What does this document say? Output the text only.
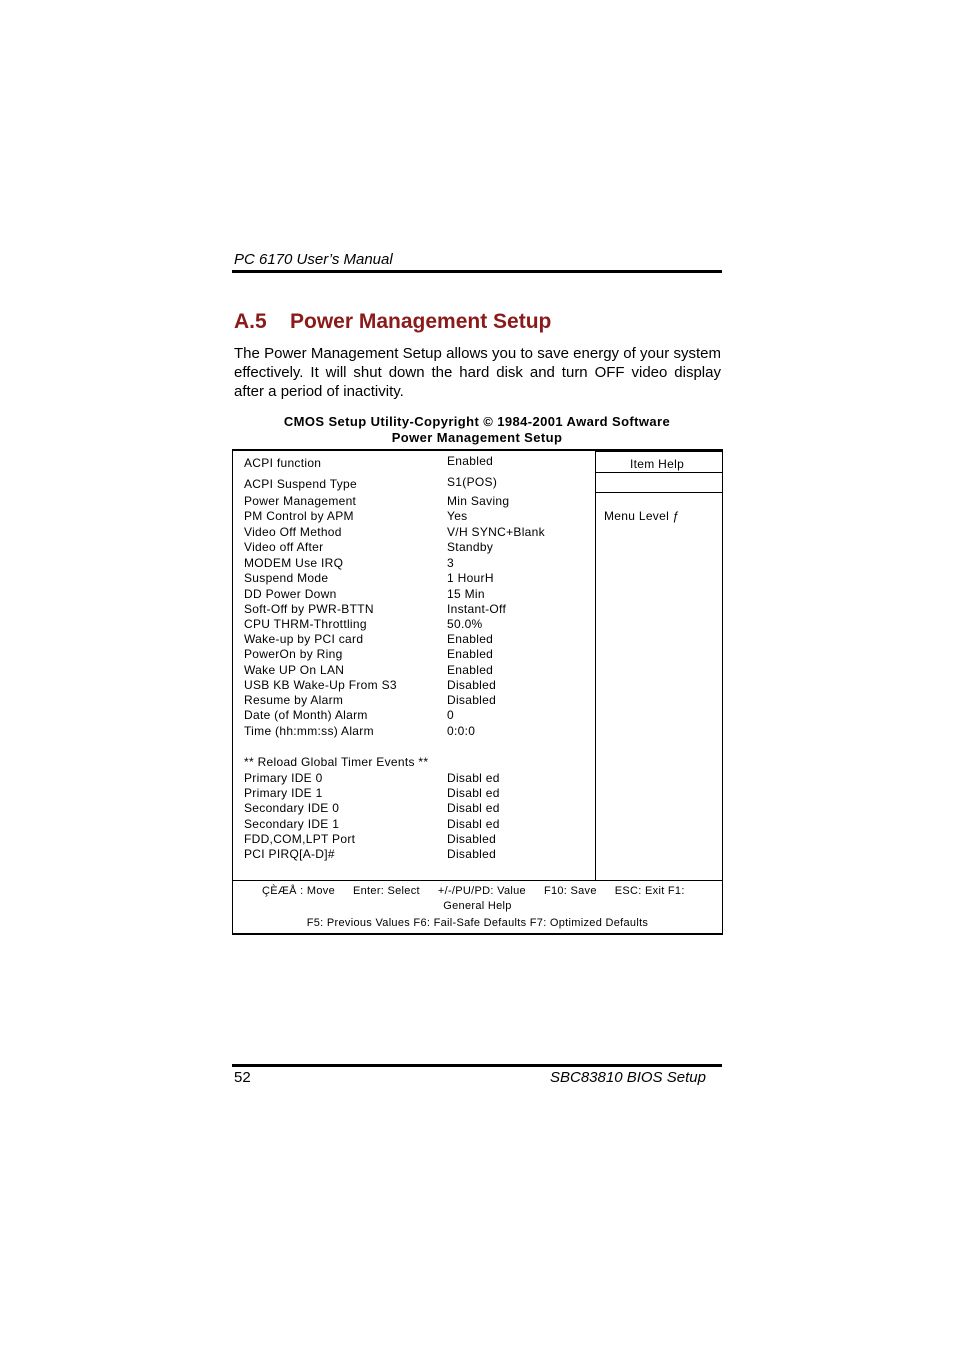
PC 6170 User’s Manual
A.5 Power Management Setup
The Power Management Setup allows you to save energy of your system effectively. It will shut down the hard disk and turn OFF video display after a period of inactivity.
CMOS Setup Utility-Copyright © 1984-2001 Award Software
Power Management Setup
ACPI function	Enabled
ACPI Suspend Type	S1(POS)
Power Management	Min Saving
PM Control by APM	Yes
Video Off Method	V/H SYNC+Blank
Video off After	Standby
MODEM Use IRQ	3
Suspend Mode	1 HourH
DD Power Down	15 Min
Soft-Off by PWR-BTTN	Instant-Off
CPU THRM-Throttling	50.0%
Wake-up by PCI card	Enabled
PowerOn by Ring	Enabled
Wake UP On LAN	Enabled
USB KB Wake-Up From S3	Disabled
Resume by Alarm	Disabled
Date (of Month) Alarm	0
Time (hh:mm:ss) Alarm	0:0:0
** Reload Global Timer Events **
Primary IDE 0	Disabl ed
Primary IDE 1	Disabl ed
Secondary IDE 0	Disabl ed
Secondary IDE 1	Disabl ed
FDD,COM,LPT Port	Disabled
PCI PIRQ[A-D]#	Disabled
Item Help
Menu Level ƒ
ÇÈÆÅ : Move Enter: Select +/-/PU/PD: Value F10: Save ESC: Exit F1:
General Help
F5: Previous Values F6: Fail-Safe Defaults F7: Optimized Defaults
52	SBC83810 BIOS Setup
